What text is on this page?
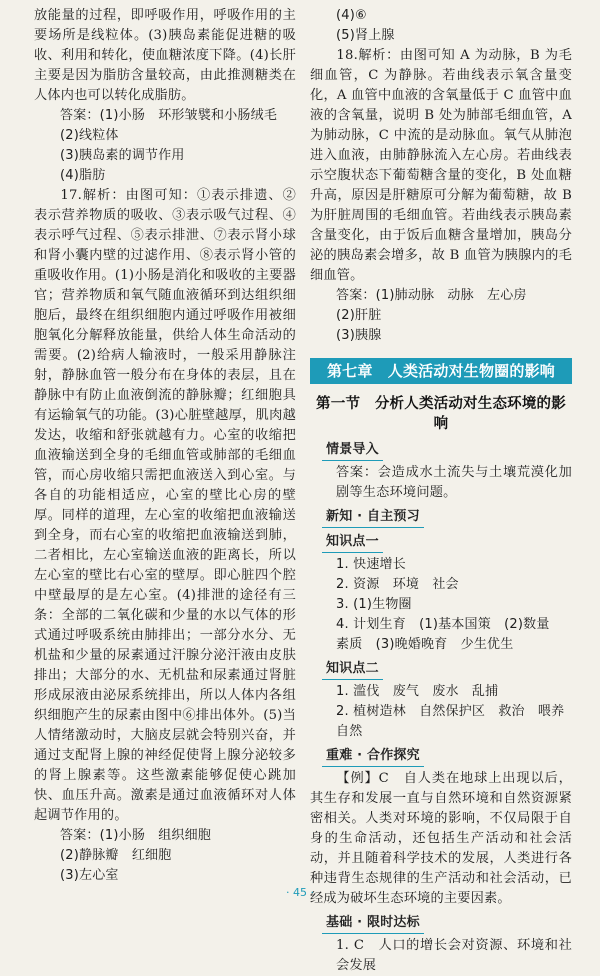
放能量的过程，即呼吸作用，呼吸作用的主要场所是线粒体。(3)胰岛素能促进糖的吸收、利用和转化，使血糖浓度下降。(4)长肝主要是因为脂肪含量较高，由此推测糖类在人体内也可以转化成脂肪。
答案：(1)小肠　环形皱襞和小肠绒毛
(2)线粒体
(3)胰岛素的调节作用
(4)脂肪
17.解析：由图可知：①表示排遗、②表示营养物质的吸收、③表示吸气过程、④表示呼气过程、⑤表示排泄、⑦表示肾小球和肾小囊内壁的过滤作用、⑧表示肾小管的重吸收作用。(1)小肠是消化和吸收的主要器官；营养物质和氧气随血液循环到达组织细胞后，最终在组织细胞内通过呼吸作用被细胞氧化分解释放能量，供给人体生命活动的需要。(2)给病人输液时，一般采用静脉注射，静脉血管一般分布在身体的表层，且在静脉中有防止血液倒流的静脉瓣；红细胞具有运输氧气的功能。(3)心脏壁越厚，肌肉越发达，收缩和舒张就越有力。心室的收缩把血液输送到全身的毛细血管或肺部的毛细血管，而心房收缩只需把血液送入到心室。与各自的功能相适应，心室的壁比心房的壁厚。同样的道理，左心室的收缩把血液输送到全身，而右心室的收缩把血液输送到肺，二者相比，左心室输送血液的距离长，所以左心室的壁比右心室的壁厚。即心脏四个腔中壁最厚的是左心室。(4)排泄的途径有三条：全部的二氧化碳和少量的水以气体的形式通过呼吸系统由肺排出；一部分水分、无机盐和少量的尿素通过汗腺分泌汗液由皮肤排出；大部分的水、无机盐和尿素通过肾脏形成尿液由泌尿系统排出，所以人体内各组织细胞产生的尿素由图中⑥排出体外。(5)当人情绪激动时，大脑皮层就会特别兴奋，并通过支配肾上腺的神经促使肾上腺分泌较多的肾上腺素等。这些激素能够促使心跳加快、血压升高。激素是通过血液循环对人体起调节作用的。
答案：(1)小肠　组织细胞
(2)静脉瓣　红细胞
(3)左心室
(4)⑥
(5)肾上腺
18.解析：由图可知 A 为动脉，B 为毛细血管，C 为静脉。若曲线表示氧含量变化，A 血管中血液的含氧量低于 C 血管中血液的含氧量，说明 B 处为肺部毛细血管，A 为肺动脉，C 中流的是动脉血。氧气从肺泡进入血液，由肺静脉流入左心房。若曲线表示空腹状态下葡萄糖含量的变化，B 处血糖升高，原因是肝糖原可分解为葡萄糖，故 B 为肝脏周围的毛细血管。若曲线表示胰岛素含量变化，由于饭后血糖含量增加，胰岛分泌的胰岛素会增多，故 B 血管为胰腺内的毛细血管。
答案：(1)肺动脉　动脉　左心房
(2)肝脏
(3)胰腺
第七章　人类活动对生物圈的影响
第一节　分析人类活动对生态环境的影响
情景导入
答案：会造成水土流失与土壤荒漠化加剧等生态环境问题。
新知 · 自主预习
知识点一
1. 快速增长
2. 资源　环境　社会
3. (1)生物圈
4. 计划生育　(1)基本国策　(2)数量　素质　(3)晚婚晚育　少生优生
知识点二
1. 滥伐　废气　废水　乱捕
2. 植树造林　自然保护区　救治　喂养　自然
重难 · 合作探究
【例】C　自人类在地球上出现以后，其生存和发展一直与自然环境和自然资源紧密相关。人类对环境的影响，不仅局限于自身的生命活动，还包括生产活动和社会活动，并且随着科学技术的发展，人类进行各种违背生态规律的生产活动和社会活动，已经成为破坏生态环境的主要因素。
基础 · 限时达标
1. C　人口的增长会对资源、环境和社会发展
· 45 ·
